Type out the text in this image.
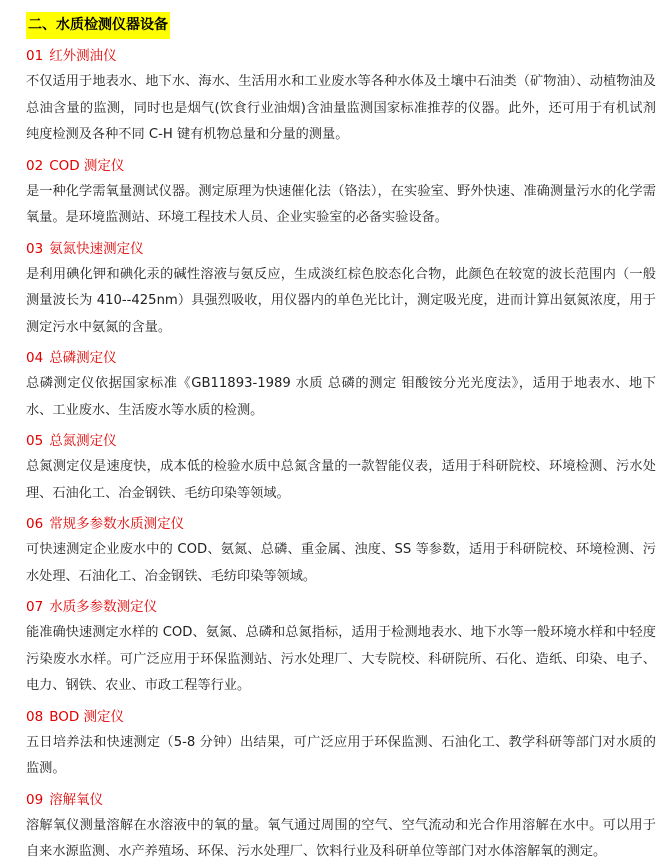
二、水质检测仪器设备
01 红外测油仪
不仅适用于地表水、地下水、海水、生活用水和工业废水等各种水体及土壤中石油类（矿物油）、动植物油及总油含量的监测，同时也是烟气(饮食行业油烟)含油量监测国家标准推荐的仪器。此外，还可用于有机试剂纯度检测及各种不同 C-H 键有机物总量和分量的测量。
02 COD 测定仪
是一种化学需氧量测试仪器。测定原理为快速催化法（铬法），在实验室、野外快速、准确测量污水的化学需氧量。是环境监测站、环境工程技术人员、企业实验室的必备实验设备。
03 氨氮快速测定仪
是利用碘化钾和碘化汞的碱性溶液与氨反应，生成淡红棕色胶态化合物，此颜色在较宽的波长范围内（一般测量波长为 410--425nm）具强烈吸收，用仪器内的单色光比计，测定吸光度，进而计算出氨氮浓度，用于测定污水中氨氮的含量。
04 总磷测定仪
总磷测定仪依据国家标准《GB11893-1989 水质 总磷的测定 钼酸铵分光光度法》，适用于地表水、地下水、工业废水、生活废水等水质的检测。
05 总氮测定仪
总氮测定仪是速度快，成本低的检验水质中总氮含量的一款智能仪表，适用于科研院校、环境检测、污水处理、石油化工、冶金钢铁、毛纺印染等领域。
06 常规多参数水质测定仪
可快速测定企业废水中的 COD、氨氮、总磷、重金属、浊度、SS 等参数，适用于科研院校、环境检测、污水处理、石油化工、冶金钢铁、毛纺印染等领域。
07 水质多参数测定仪
能准确快速测定水样的 COD、氨氮、总磷和总氮指标，适用于检测地表水、地下水等一般环境水样和中轻度污染废水水样。可广泛应用于环保监测站、污水处理厂、大专院校、科研院所、石化、造纸、印染、电子、电力、钢铁、农业、市政工程等行业。
08 BOD 测定仪
五日培养法和快速测定（5-8 分钟）出结果，可广泛应用于环保监测、石油化工、教学科研等部门对水质的监测。
09 溶解氧仪
溶解氧仪测量溶解在水溶液中的氧的量。氧气通过周围的空气、空气流动和光合作用溶解在水中。可以用于自来水源监测、水产养殖场、环保、污水处理厂、饮料行业及科研单位等部门对水体溶解氧的测定。
